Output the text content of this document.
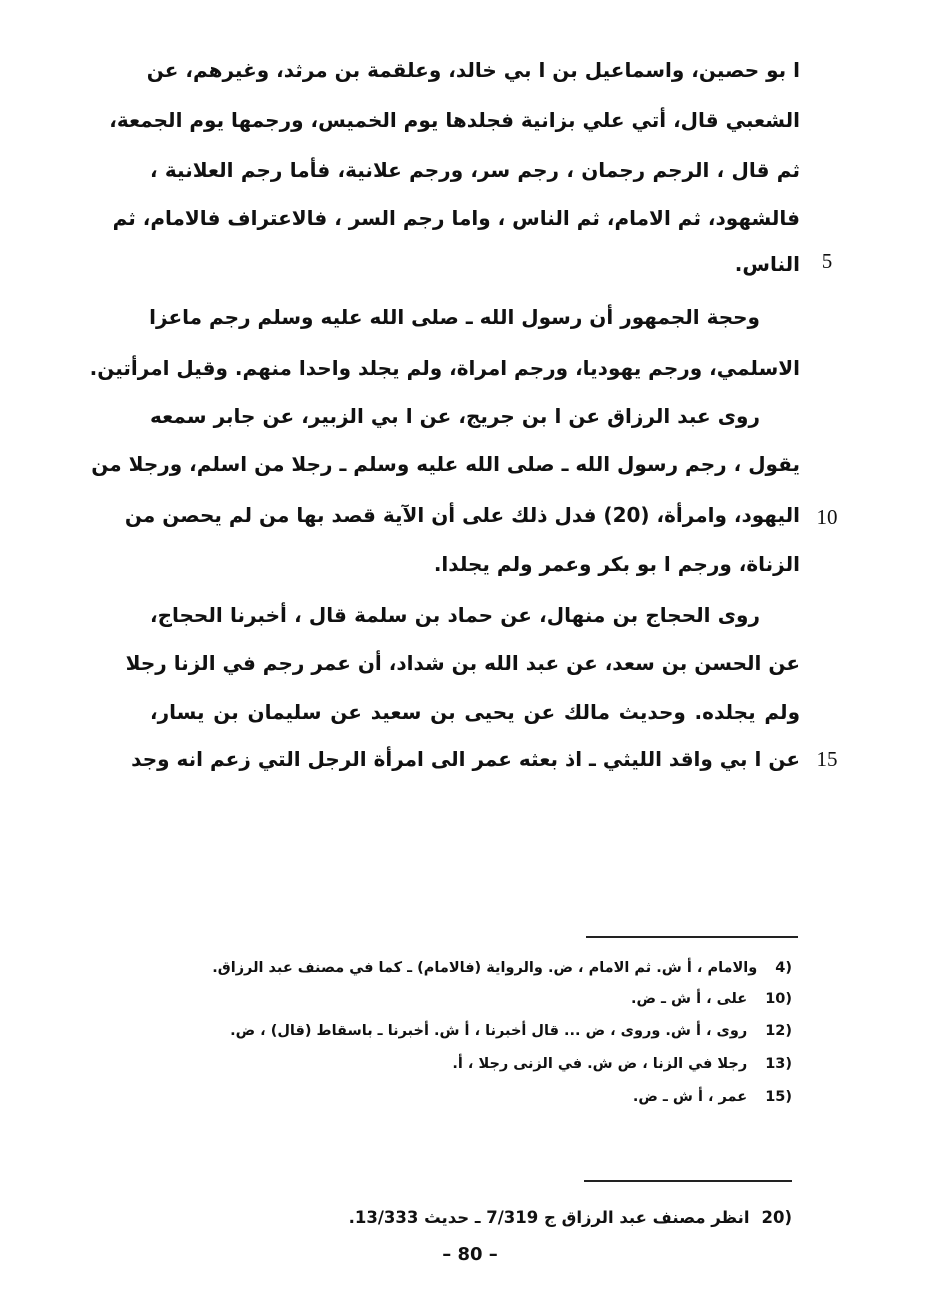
ا بو حصين، واسماعيل بن ا بي خالد، وعلقمة بن مرثد، وغيرهم، عن
الشعبي قال، أتي علي بزانية فجلدها يوم الخميس، ورجمها يوم الجمعة،
ثم قال ، الرجم رجمان ، رجم سر، ورجم علانية، فأما رجم العلانية ،
فالشهود، ثم الامام، ثم الناس ، واما رجم السر ، فالاعتراف فالامام، ثم
الناس.
وحجة الجمهور أن رسول الله ـ صلى الله عليه وسلم رجم ماعزا
الاسلمي، ورجم يهوديا، ورجم امراة، ولم يجلد واحدا منهم. وقيل امرأتين.
روى عبد الرزاق عن ا بن جريج، عن ا بي الزبير، عن جابر سمعه
يقول ، رجم رسول الله ـ صلى الله عليه وسلم ـ رجلا من اسلم، ورجلا من
اليهود، وامرأة، (20) فدل ذلك على أن الآية قصد بها من لم يحصن من
الزناة، ورجم ا بو بكر وعمر ولم يجلدا.
روى الحجاج بن منهال، عن حماد بن سلمة قال ، أخبرنا الحجاج،
عن الحسن بن سعد، عن عبد الله بن شداد، أن عمر رجم في الزنا رجلا
ولم يجلده. وحديث مالك عن يحيى بن سعيد عن سليمان بن يسار،
عن ا بي واقد الليثي ـ اذ بعثه عمر الى امرأة الرجل التي زعم انه وجد
5
10
15
4)والامام ، أ ش. ثم الامام ، ض. والرواية (فالامام) ـ كما في مصنف عبد الرزاق.
10)على ، أ ش ـ ض.
12)روى ، أ ش. وروى ، ض ... قال أخبرنا ، أ ش. أخبرنا ـ باسقاط (قال) ، ض.
13)رجلا في الزنا ، ض ش. في الزنى رجلا ، أ.
15)عمر ، أ ش ـ ض.
20)انظر مصنف عبد الرزاق ج 7/319 ـ حديث 13/333.
– 80 –
